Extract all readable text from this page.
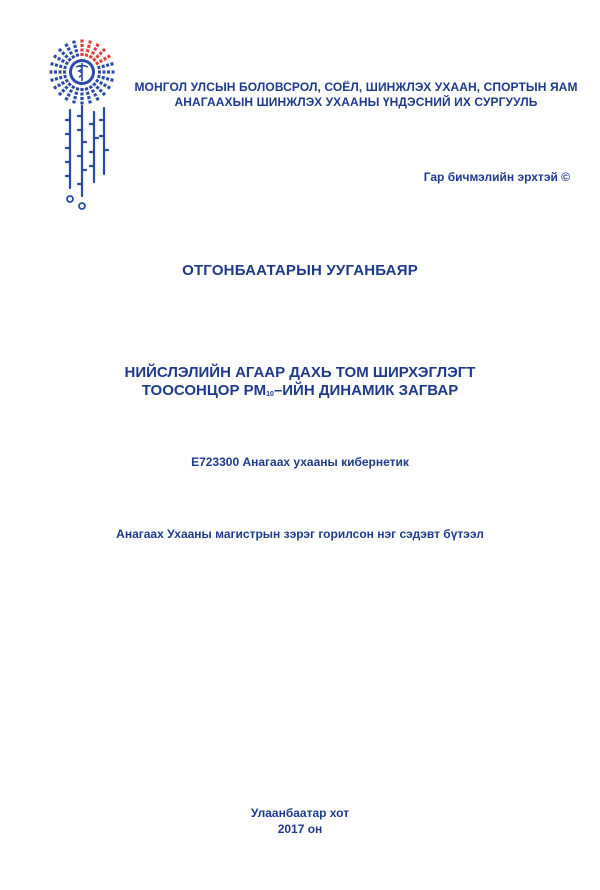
МОНГОЛ УЛСЫН БОЛОВСРОЛ, СОЁЛ, ШИНЖЛЭХ УХААН, СПОРТЫН ЯАМ
АНАГААХЫН ШИНЖЛЭХ УХААНЫ ҮНДЭСНИЙ ИХ СУРГУУЛЬ
Гар бичмэлийн эрхтэй ©
ОТГОНБААТАРЫН УУГАНБАЯР
НИЙСЛЭЛИЙН АГААР ДАХЬ ТОМ ШИРХЭГЛЭГТ
ТООСОНЦОР $PM_{10}$–ИЙН ДИНАМИК ЗАГВАР
E723300 Анагаах ухааны кибернетик
Анагаах Ухааны магистрын зэрэг горилсон нэг сэдэвт бүтээл
Улаанбаатар хот
2017 он
